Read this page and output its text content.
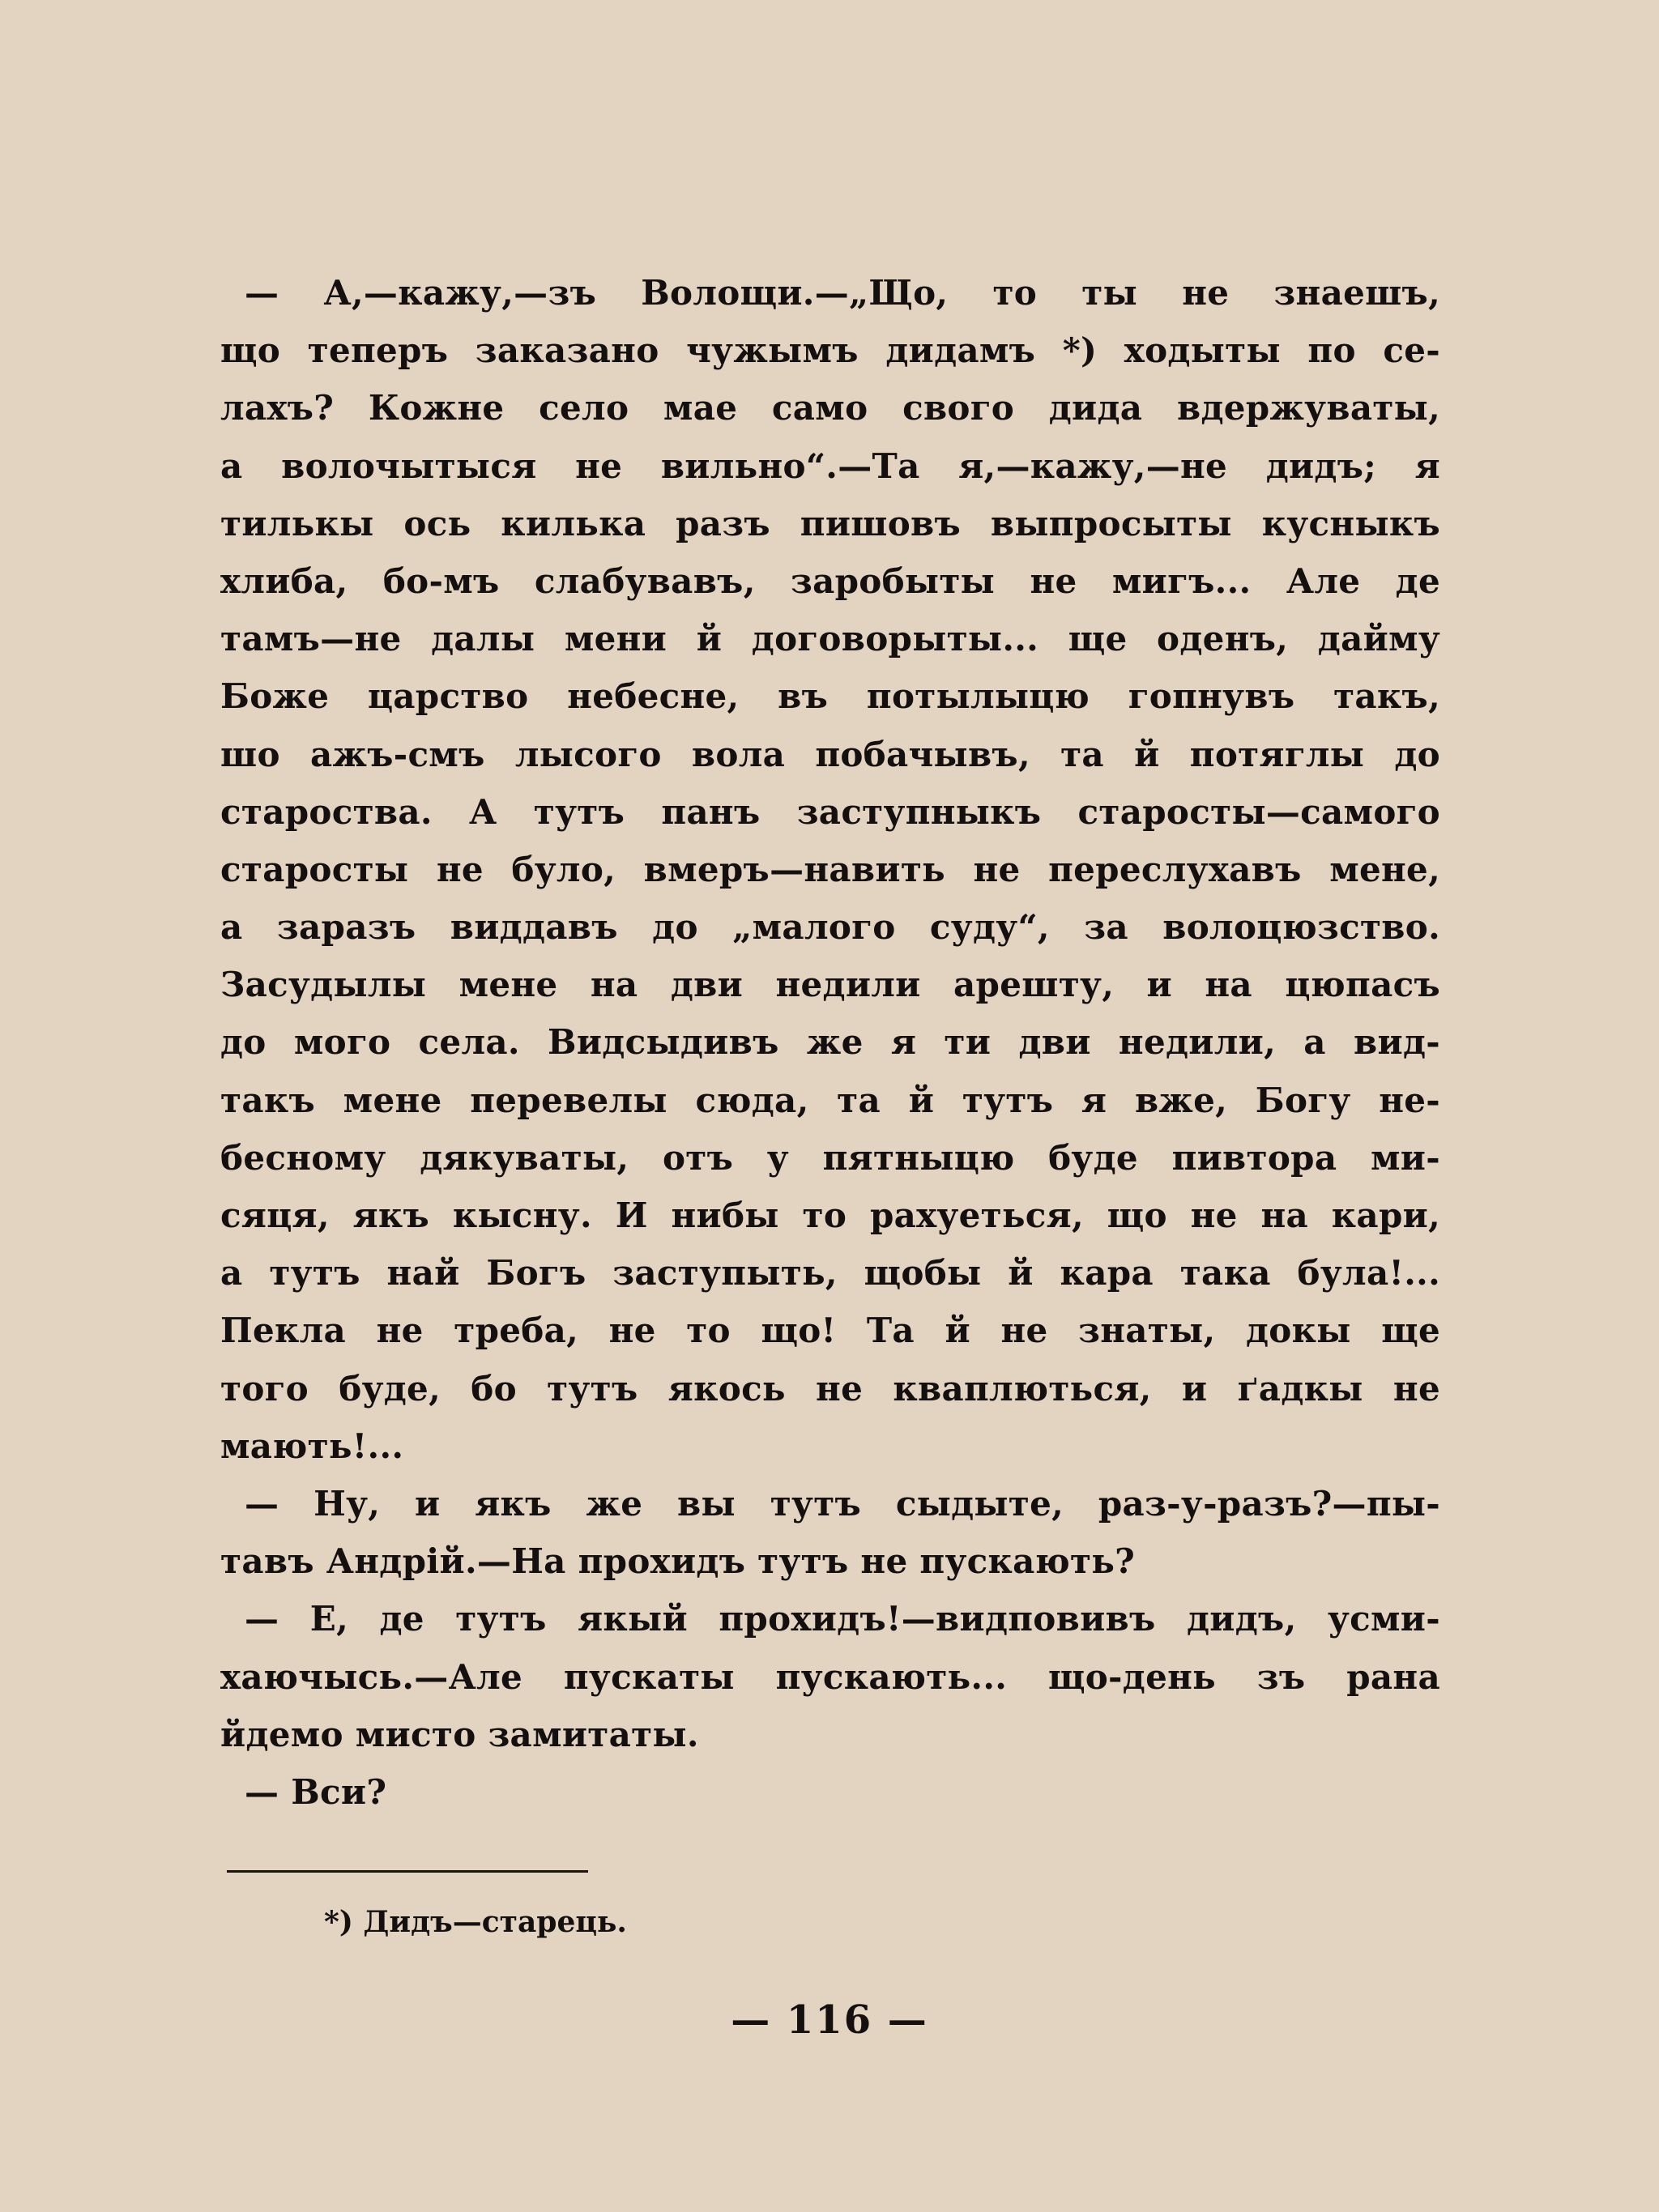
— А,—кажу,—зъ Волощи.—„Що, то ты не знаешъ,
що теперъ заказано чужымъ дидамъ *) ходыты по се-
лахъ? Кожне село мае само свого дида вдержуваты,
а волочытыся не вильно“.—Та я,—кажу,—не дидъ; я
тилькы ось килька разъ пишовъ выпросыты кусныкъ
хлиба, бо-мъ слабувавъ, заробыты не мигъ... Але де
тамъ—не далы мени й договорыты... ще оденъ, дайму
Боже царство небесне, въ потылыцю гопнувъ такъ,
шо ажъ-смъ лысого вола побачывъ, та й потяглы до
староства. А тутъ панъ заступныкъ старосты—самого
старосты не було, вмеръ—навить не переслухавъ мене,
а заразъ виддавъ до „малого суду“, за волоцюзство.
Засудылы мене на дви недили арешту, и на цюпасъ
до мого села. Видсыдивъ же я ти дви недили, а вид-
такъ мене перевелы сюда, та й тутъ я вже, Богу не-
бесному дякуваты, отъ у пятныцю буде пивтора ми-
сяця, якъ кысну. И нибы то рахуеться, що не на кари,
а тутъ най Богъ заступыть, щобы й кара така була!...
Пекла не треба, не то що! Та й не знаты, докы ще
того буде, бо тутъ якось не кваплються, и ґадкы не
мають!...
— Ну, и якъ же вы тутъ сыдыте, раз-у-разъ?—пы-
тавъ Андрій.—На прохидъ тутъ не пускають?
— Е, де тутъ якый прохидъ!—видповивъ дидъ, усми-
хаючысь.—Але пускаты пускають... що-день зъ рана
йдемо мисто замитаты.
— Вси?
*) Дидъ—старець.
— 116 —
